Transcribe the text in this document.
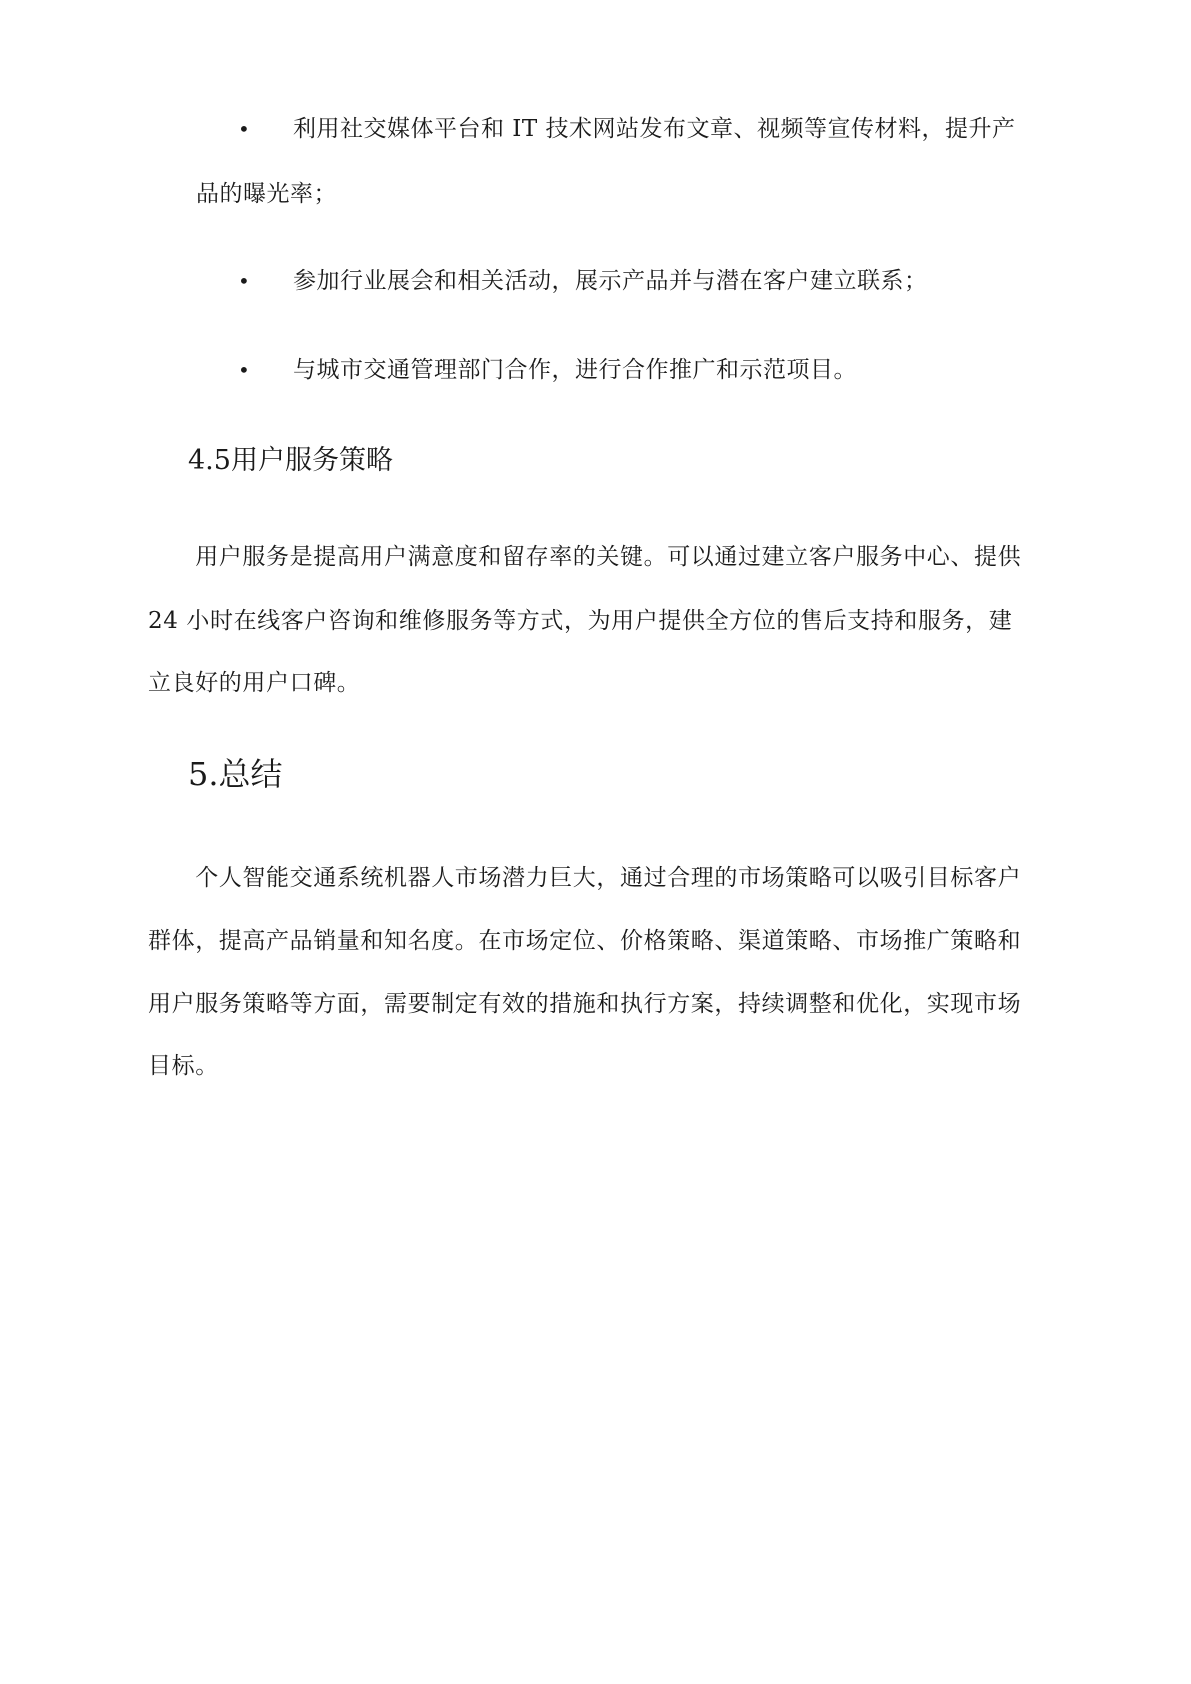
• 利用社交媒体平台和 IT 技术网站发布文章、视频等宣传材料，提升产
品的曝光率；
• 参加行业展会和相关活动，展示产品并与潜在客户建立联系；
• 与城市交通管理部门合作，进行合作推广和示范项目。
4.5用户服务策略
　　用户服务是提高用户满意度和留存率的关键。可以通过建立客户服务中心、提供
24 小时在线客户咨询和维修服务等方式，为用户提供全方位的售后支持和服务，建
立良好的用户口碑。
5.总结
　　个人智能交通系统机器人市场潜力巨大，通过合理的市场策略可以吸引目标客户
群体，提高产品销量和知名度。在市场定位、价格策略、渠道策略、市场推广策略和
用户服务策略等方面，需要制定有效的措施和执行方案，持续调整和优化，实现市场
目标。
